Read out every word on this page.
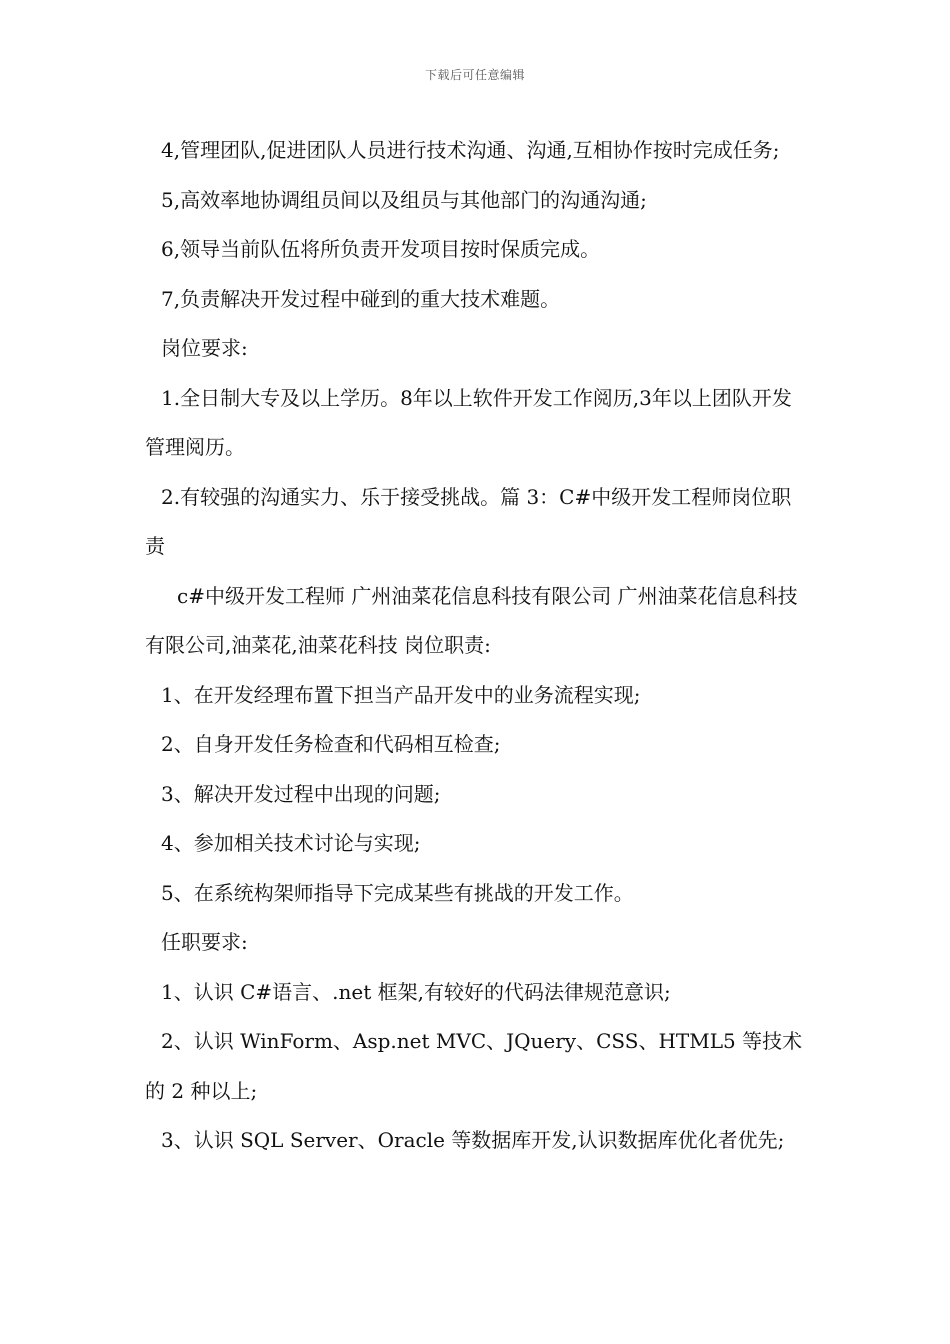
下载后可任意编辑

4,管理团队,促进团队人员进行技术沟通、沟通,互相协作按时完成任务;

5,高效率地协调组员间以及组员与其他部门的沟通沟通;

6,领导当前队伍将所负责开发项目按时保质完成。

7,负责解决开发过程中碰到的重大技术难题。

岗位要求:

1.全日制大专及以上学历。8年以上软件开发工作阅历,3年以上团队开发管理阅历。

2.有较强的沟通实力、乐于接受挑战。篇 3：C#中级开发工程师岗位职责

c#中级开发工程师 广州油菜花信息科技有限公司 广州油菜花信息科技有限公司,油菜花,油菜花科技 岗位职责:

1、在开发经理布置下担当产品开发中的业务流程实现;

2、自身开发任务检查和代码相互检查;

3、解决开发过程中出现的问题;

4、参加相关技术讨论与实现;

5、在系统构架师指导下完成某些有挑战的开发工作。

任职要求:

1、认识 C#语言、.net 框架,有较好的代码法律规范意识;

2、认识 WinForm、Asp.net MVC、JQuery、CSS、HTML5 等技术的 2 种以上;

3、认识 SQL Server、Oracle 等数据库开发,认识数据库优化者优先;
